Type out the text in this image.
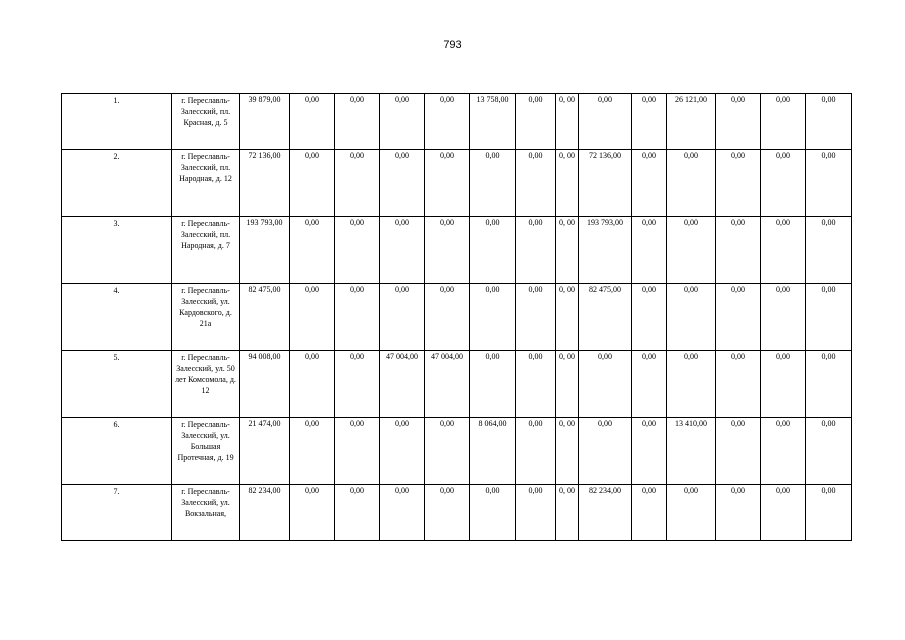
793
1.	г. Переславль-Залесский, пл. Красная, д. 5	39 879,00	0,00	0,00	0,00	0,00	13 758,00	0,00	0, 00	0,00	0,00	26 121,00	0,00	0,00	0,00
2.	г. Переславль-Залесский, пл. Народная, д. 12	72 136,00	0,00	0,00	0,00	0,00	0,00	0,00	0, 00	72 136,00	0,00	0,00	0,00	0,00	0,00
3.	г. Переславль-Залесский, пл. Народная, д. 7	193 793,00	0,00	0,00	0,00	0,00	0,00	0,00	0, 00	193 793,00	0,00	0,00	0,00	0,00	0,00
4.	г. Переславль-Залесский, ул. Кардовского, д. 21а	82 475,00	0,00	0,00	0,00	0,00	0,00	0,00	0, 00	82 475,00	0,00	0,00	0,00	0,00	0,00
5.	г. Переславль-Залесский, ул. 50 лет Комсомола, д. 12	94 008,00	0,00	0,00	47 004,00	47 004,00	0,00	0,00	0, 00	0,00	0,00	0,00	0,00	0,00	0,00
6.	г. Переславль-Залесский, ул. Большая Протечная, д. 19	21 474,00	0,00	0,00	0,00	0,00	8 064,00	0,00	0, 00	0,00	0,00	13 410,00	0,00	0,00	0,00
7.	г. Переславль-Залесский, ул. Вокзальная,	82 234,00	0,00	0,00	0,00	0,00	0,00	0,00	0, 00	82 234,00	0,00	0,00	0,00	0,00	0,00
